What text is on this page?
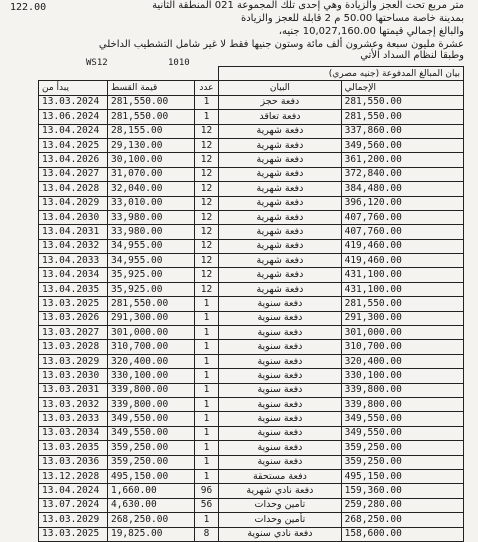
122.00	متر مربع تحت العجز والزيادة وهي إحدى تلك المجموعة 021 المنطقة الثانية
بمدينة خاصة مساحتها 50.00 م 2 قابلة للعجز والزيادة
والبالغ إجمالي قيمتها 10,027,160.00 جنيه،
عشرة مليون سبعة وعشرون ألف مائة وستون جنيها فقط لا غير شامل التشطيب الداخلي
وطبقا لنظام السداد الأتي
WS12	1010
			بيان المبالغ المدفوعة (جنيه مصري)	
يبدأ من	قيمة القسط	عدد	البيان	الإجمالي
13.03.2024	281,550.00	1	دفعة حجز	281,550.00
13.06.2024	281,550.00	1	دفعة تعاقد	281,550.00
13.04.2024	28,155.00	12	دفعة شهرية	337,860.00
13.04.2025	29,130.00	12	دفعة شهرية	349,560.00
13.04.2026	30,100.00	12	دفعة شهرية	361,200.00
13.04.2027	31,070.00	12	دفعة شهرية	372,840.00
13.04.2028	32,040.00	12	دفعة شهرية	384,480.00
13.04.2029	33,010.00	12	دفعة شهرية	396,120.00
13.04.2030	33,980.00	12	دفعة شهرية	407,760.00
13.04.2031	33,980.00	12	دفعة شهرية	407,760.00
13.04.2032	34,955.00	12	دفعة شهرية	419,460.00
13.04.2033	34,955.00	12	دفعة شهرية	419,460.00
13.04.2034	35,925.00	12	دفعة شهرية	431,100.00
13.04.2035	35,925.00	12	دفعة شهرية	431,100.00
13.03.2025	281,550.00	1	دفعة سنوية	281,550.00
13.03.2026	291,300.00	1	دفعة سنوية	291,300.00
13.03.2027	301,000.00	1	دفعة سنوية	301,000.00
13.03.2028	310,700.00	1	دفعة سنوية	310,700.00
13.03.2029	320,400.00	1	دفعة سنوية	320,400.00
13.03.2030	330,100.00	1	دفعة سنوية	330,100.00
13.03.2031	339,800.00	1	دفعة سنوية	339,800.00
13.03.2032	339,800.00	1	دفعة سنوية	339,800.00
13.03.2033	349,550.00	1	دفعة سنوية	349,550.00
13.03.2034	349,550.00	1	دفعة سنوية	349,550.00
13.03.2035	359,250.00	1	دفعة سنوية	359,250.00
13.03.2036	359,250.00	1	دفعة سنوية	359,250.00
13.12.2028	495,150.00	1	دفعة مستحقة	495,150.00
13.04.2024	1,660.00	96	دفعة نادي شهرية	159,360.00
13.07.2024	4,630.00	56	تأمين وحدات	259,280.00
13.03.2029	268,250.00	1	تأمين وحدات	268,250.00
13.03.2025	19,825.00	8	دفعة نادي سنوية	158,600.00
